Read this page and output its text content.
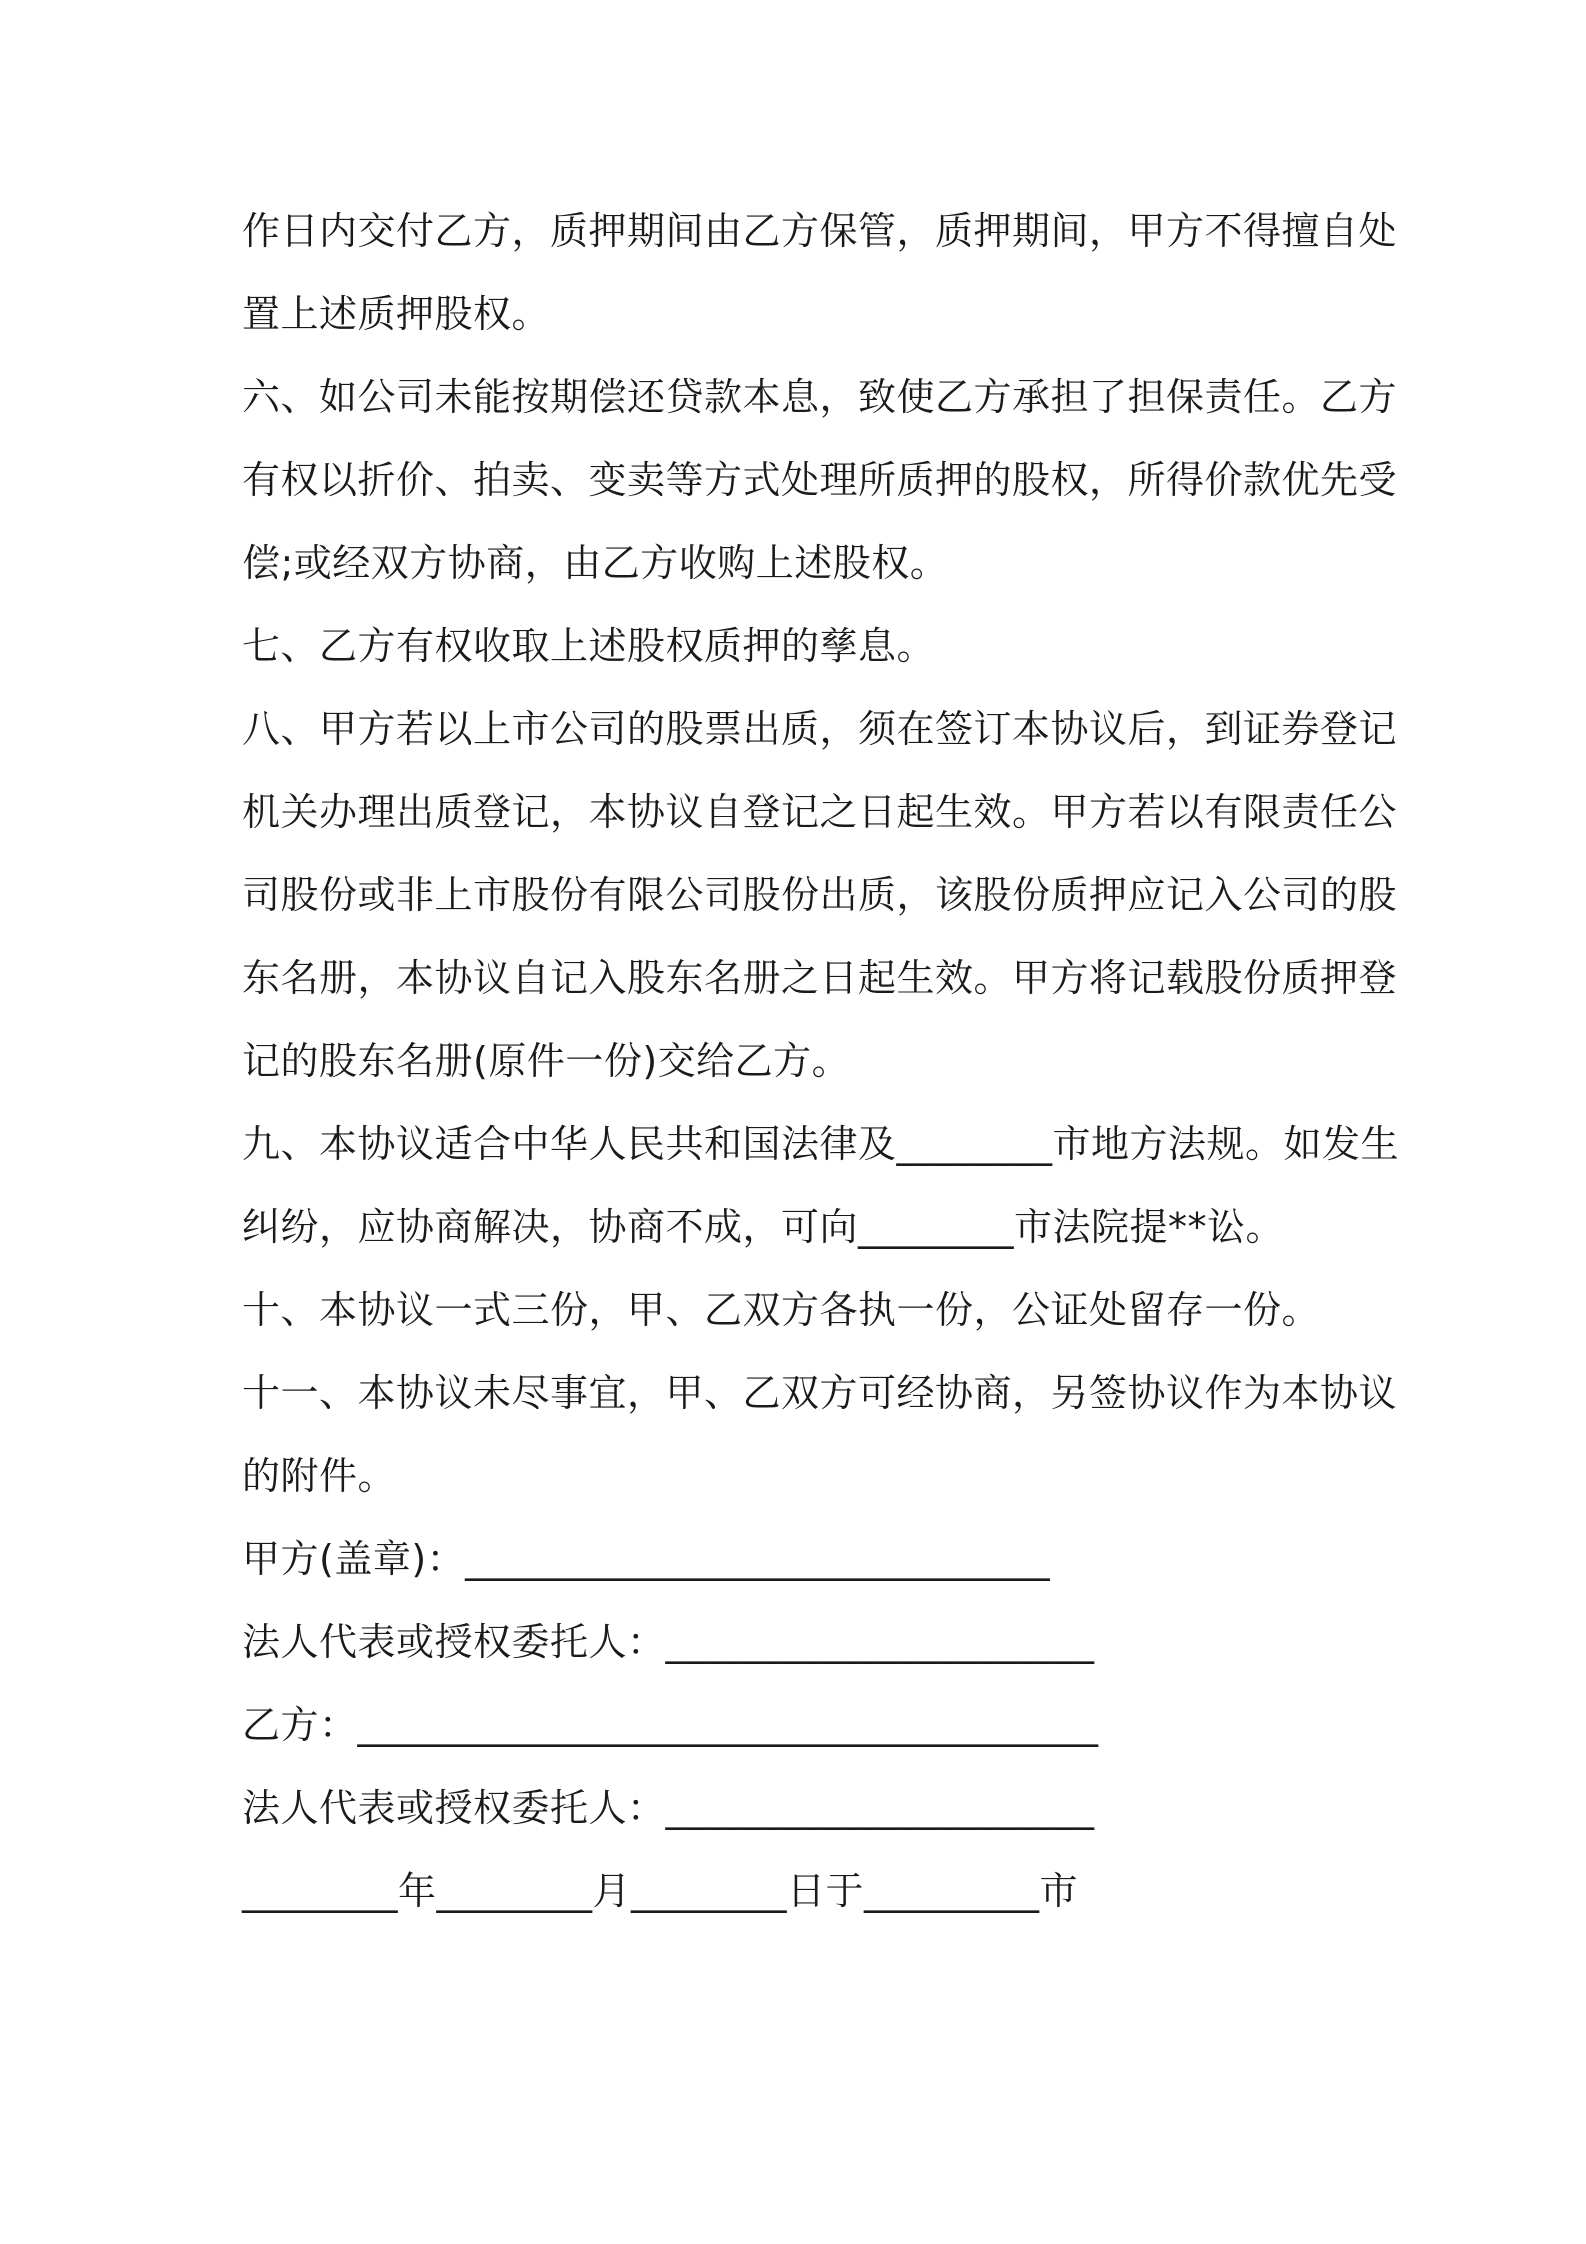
作日内交付乙方，质押期间由乙方保管，质押期间，甲方不得擅自处
置上述质押股权。
六、如公司未能按期偿还贷款本息，致使乙方承担了担保责任。乙方
有权以折价、拍卖、变卖等方式处理所质押的股权，所得价款优先受
偿;或经双方协商，由乙方收购上述股权。
七、乙方有权收取上述股权质押的孳息。
八、甲方若以上市公司的股票出质，须在签订本协议后，到证券登记
机关办理出质登记，本协议自登记之日起生效。甲方若以有限责任公
司股份或非上市股份有限公司股份出质，该股份质押应记入公司的股
东名册，本协议自记入股东名册之日起生效。甲方将记载股份质押登
记的股东名册(原件一份)交给乙方。
九、本协议适合中华人民共和国法律及________市地方法规。如发生
纠纷，应协商解决，协商不成，可向________市法院提**讼。
十、本协议一式三份，甲、乙双方各执一份，公证处留存一份。
十一、本协议未尽事宜，甲、乙双方可经协商，另签协议作为本协议
的附件。
甲方(盖章)：______________________________
法人代表或授权委托人：______________________
乙方：______________________________________
法人代表或授权委托人：______________________
________年________月________日于_________市
